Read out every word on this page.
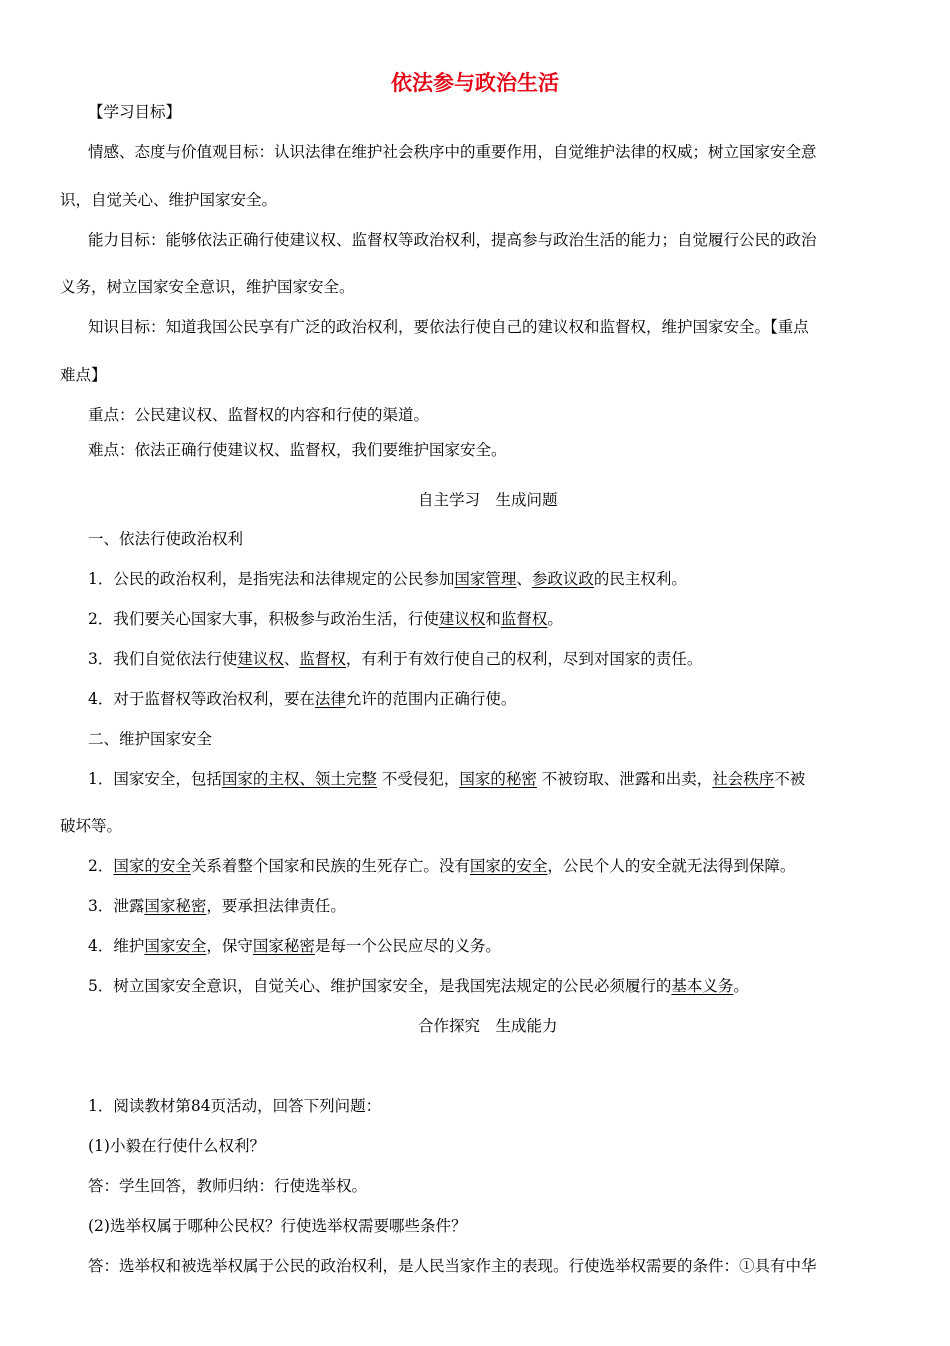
依法参与政治生活
【学习目标】
情感、态度与价值观目标：认识法律在维护社会秩序中的重要作用，自觉维护法律的权威；树立国家安全意
识，自觉关心、维护国家安全。
能力目标：能够依法正确行使建议权、监督权等政治权利，提高参与政治生活的能力；自觉履行公民的政治
义务，树立国家安全意识，维护国家安全。
知识目标：知道我国公民享有广泛的政治权利，要依法行使自己的建议权和监督权，维护国家安全。【重点
难点】
重点：公民建议权、监督权的内容和行使的渠道。
难点：依法正确行使建议权、监督权，我们要维护国家安全。
自主学习　生成问题
一、依法行使政治权利
1．公民的政治权利，是指宪法和法律规定的公民参加国家管理、参政议政的民主权利。
2．我们要关心国家大事，积极参与政治生活，行使建议权和监督权。
3．我们自觉依法行使建议权、监督权，有利于有效行使自己的权利，尽到对国家的责任。
4．对于监督权等政治权利，要在法律允许的范围内正确行使。
二、维护国家安全
1．国家安全，包括国家的主权、领土完整 不受侵犯，国家的秘密 不被窃取、泄露和出卖，社会秩序不被
破坏等。
2．国家的安全关系着整个国家和民族的生死存亡。没有国家的安全，公民个人的安全就无法得到保障。
3．泄露国家秘密，要承担法律责任。
4．维护国家安全，保守国家秘密是每一个公民应尽的义务。
5．树立国家安全意识，自觉关心、维护国家安全，是我国宪法规定的公民必须履行的基本义务。
合作探究　生成能力
1．阅读教材第84页活动，回答下列问题：
(1)小毅在行使什么权利？
答：学生回答，教师归纳：行使选举权。
(2)选举权属于哪种公民权？行使选举权需要哪些条件？
答：选举权和被选举权属于公民的政治权利，是人民当家作主的表现。行使选举权需要的条件：①具有中华
